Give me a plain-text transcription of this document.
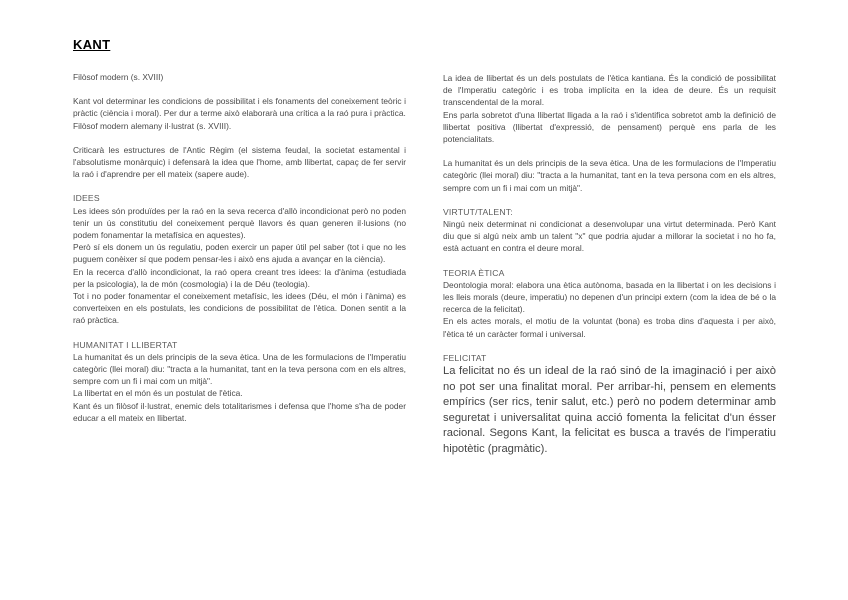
KANT

Filòsof modern (s. XVIII)

Kant vol determinar les condicions de possibilitat i els fonaments del coneixement teòric i pràctic (ciència i moral). Per dur a terme això elaborarà una crítica a la raó pura i pràctica.

Filòsof modern alemany il·lustrat (s. XVIII).

Criticarà les estructures de l'Antic Règim (el sistema feudal, la societat estamental i l'absolutisme monàrquic) i defensarà la idea que l'home, amb llibertat, capaç de fer servir la raó i d'aprendre per ell mateix (sapere aude).

IDEES

Les idees són produïdes per la raó en la seva recerca d'allò incondicionat però no poden tenir un ús constitutiu del coneixement perquè llavors és quan generen il·lusions (no podem fonamentar la metafísica en aquestes).

Però sí els donem un ús regulatiu, poden exercir un paper útil pel saber (tot i que no les puguem conèixer sí que podem pensar-les i això ens ajuda a avançar en la ciència).

En la recerca d'allò incondicionat, la raó opera creant tres idees: la d'ànima (estudiada per la psicologia), la de món (cosmologia) i la de Déu (teologia).

Tot i no poder fonamentar el coneixement metafísic, les idees (Déu, el món i l'ànima) es converteixen en els postulats, les condicions de possibilitat de l'ètica. Donen sentit a la raó pràctica.

HUMANITAT I LLIBERTAT

La humanitat és un dels principis de la seva ètica. Una de les formulacions de l'Imperatiu categòric (llei moral) diu: "tracta a la humanitat, tant en la teva persona com en els altres, sempre com un fi i mai com un mitjà".

La llibertat en el món és un postulat de l'ètica.

Kant és un filòsof il·lustrat, enemic dels totalitarismes i defensa que l'home s'ha de poder educar a ell mateix en llibertat.

La idea de llibertat és un dels postulats de l'ètica kantiana. És la condició de possibilitat de l'Imperatiu categòric i es troba implícita en la idea de deure. És un requisit transcendental de la moral.

Ens parla sobretot d'una llibertat lligada a la raó i s'identifica sobretot amb la definició de llibertat positiva (llibertat d'expressió, de pensament) perquè ens parla de les potencialitats.

La humanitat és un dels principis de la seva ètica. Una de les formulacions de l'Imperatiu categòric (llei moral) diu: "tracta a la humanitat, tant en la teva persona com en els altres, sempre com un fi i mai com un mitjà".

VIRTUT/TALENT:

Ningú neix determinat ni condicionat a desenvolupar una virtut determinada. Però Kant diu que si algú neix amb un talent "x" que podria ajudar a millorar la societat i no ho fa, està actuant en contra el deure moral.

TEORIA ÈTICA

Deontologia moral: elabora una ètica autònoma, basada en la llibertat i on les decisions i les lleis morals (deure, imperatiu) no depenen d'un principi extern (com la idea de bé o la recerca de la felicitat).

En els actes morals, el motiu de la voluntat (bona) es troba dins d'aquesta i per això, l'ètica té un caràcter formal i universal.

FELICITAT

La felicitat no és un ideal de la raó sinó de la imaginació i per això no pot ser una finalitat moral. Per arribar-hi, pensem en elements empírics (ser rics, tenir salut, etc.) però no podem determinar amb seguretat i universalitat quina acció fomenta la felicitat d'un ésser racional. Segons Kant, la felicitat es busca a través de l'imperatiu hipotètic (pragmàtic).
